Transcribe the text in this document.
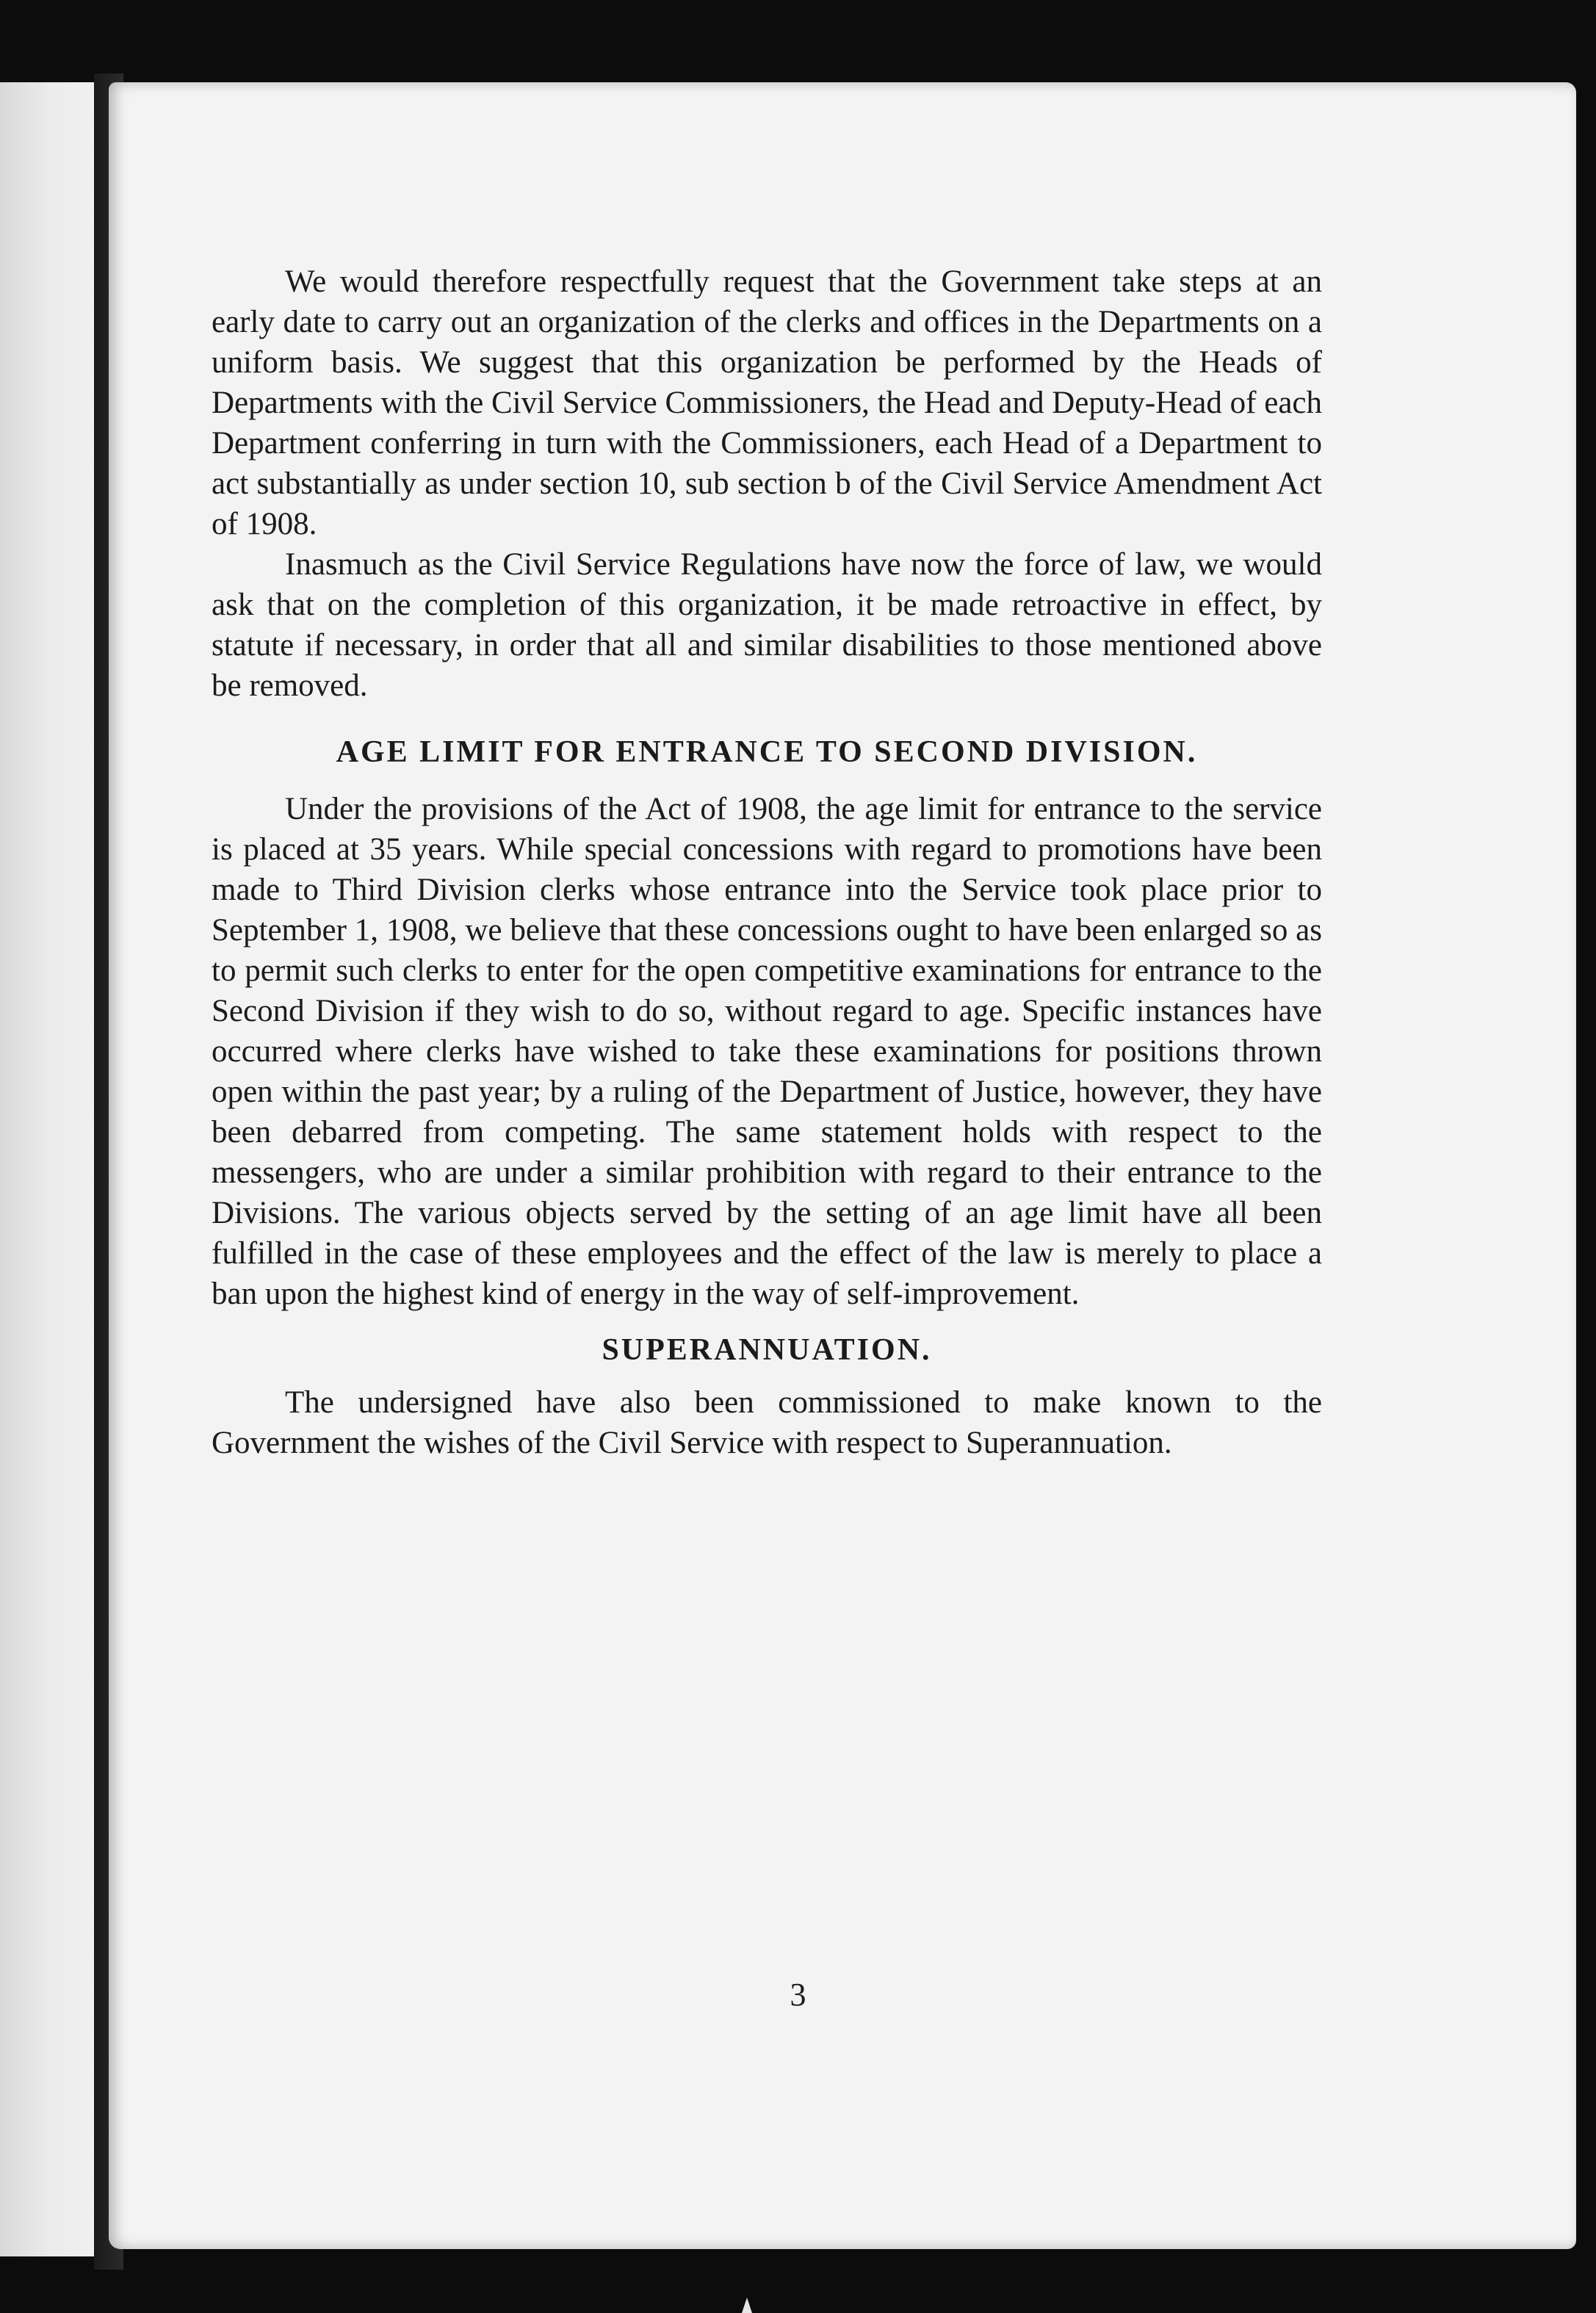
We would therefore respectfully request that the Government take steps at an early date to carry out an organization of the clerks and offices in the Departments on a uniform basis. We suggest that this organization be performed by the Heads of Departments with the Civil Service Commissioners, the Head and Deputy-Head of each Department conferring in turn with the Commissioners, each Head of a Department to act substantially as under section 10, sub section b of the Civil Service Amendment Act of 1908.

Inasmuch as the Civil Service Regulations have now the force of law, we would ask that on the completion of this organization, it be made retroactive in effect, by statute if necessary, in order that all and similar disabilities to those mentioned above be removed.

AGE LIMIT FOR ENTRANCE TO SECOND DIVISION.

Under the provisions of the Act of 1908, the age limit for entrance to the service is placed at 35 years. While special concessions with regard to promotions have been made to Third Division clerks whose entrance into the Service took place prior to September 1, 1908, we believe that these concessions ought to have been enlarged so as to permit such clerks to enter for the open competitive examinations for entrance to the Second Division if they wish to do so, without regard to age. Specific instances have occurred where clerks have wished to take these examinations for positions thrown open within the past year; by a ruling of the Department of Justice, however, they have been debarred from competing. The same statement holds with respect to the messengers, who are under a similar prohibition with regard to their entrance to the Divisions. The various objects served by the setting of an age limit have all been fulfilled in the case of these employees and the effect of the law is merely to place a ban upon the highest kind of energy in the way of self-improvement.

SUPERANNUATION.

The undersigned have also been commissioned to make known to the Government the wishes of the Civil Service with respect to Superannuation.

3
